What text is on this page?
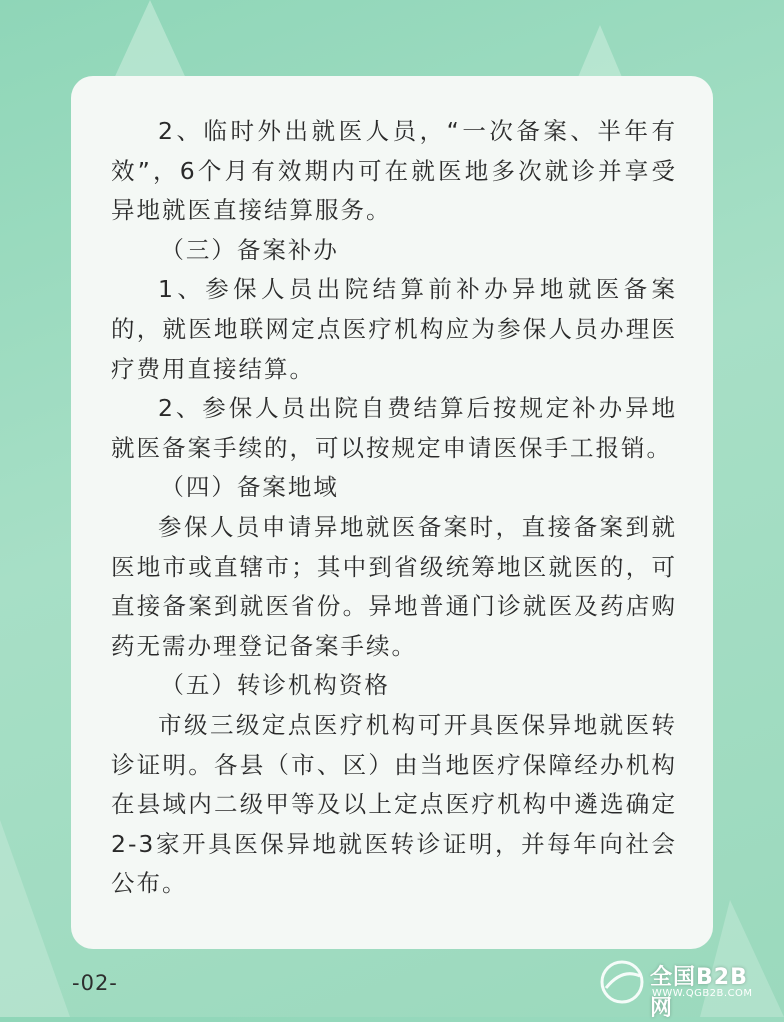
2、临时外出就医人员，“一次备案、半年有效”，6个月有效期内可在就医地多次就诊并享受异地就医直接结算服务。

（三）备案补办

1、参保人员出院结算前补办异地就医备案的，就医地联网定点医疗机构应为参保人员办理医疗费用直接结算。

2、参保人员出院自费结算后按规定补办异地就医备案手续的，可以按规定申请医保手工报销。

（四）备案地域

参保人员申请异地就医备案时，直接备案到就医地市或直辖市；其中到省级统筹地区就医的，可直接备案到就医省份。异地普通门诊就医及药店购药无需办理登记备案手续。

（五）转诊机构资格

市级三级定点医疗机构可开具医保异地就医转诊证明。各县（市、区）由当地医疗保障经办机构在县域内二级甲等及以上定点医疗机构中遴选确定2-3家开具医保异地就医转诊证明，并每年向社会公布。

-02-	全国B2B网
WWW.QGB2B.COM
